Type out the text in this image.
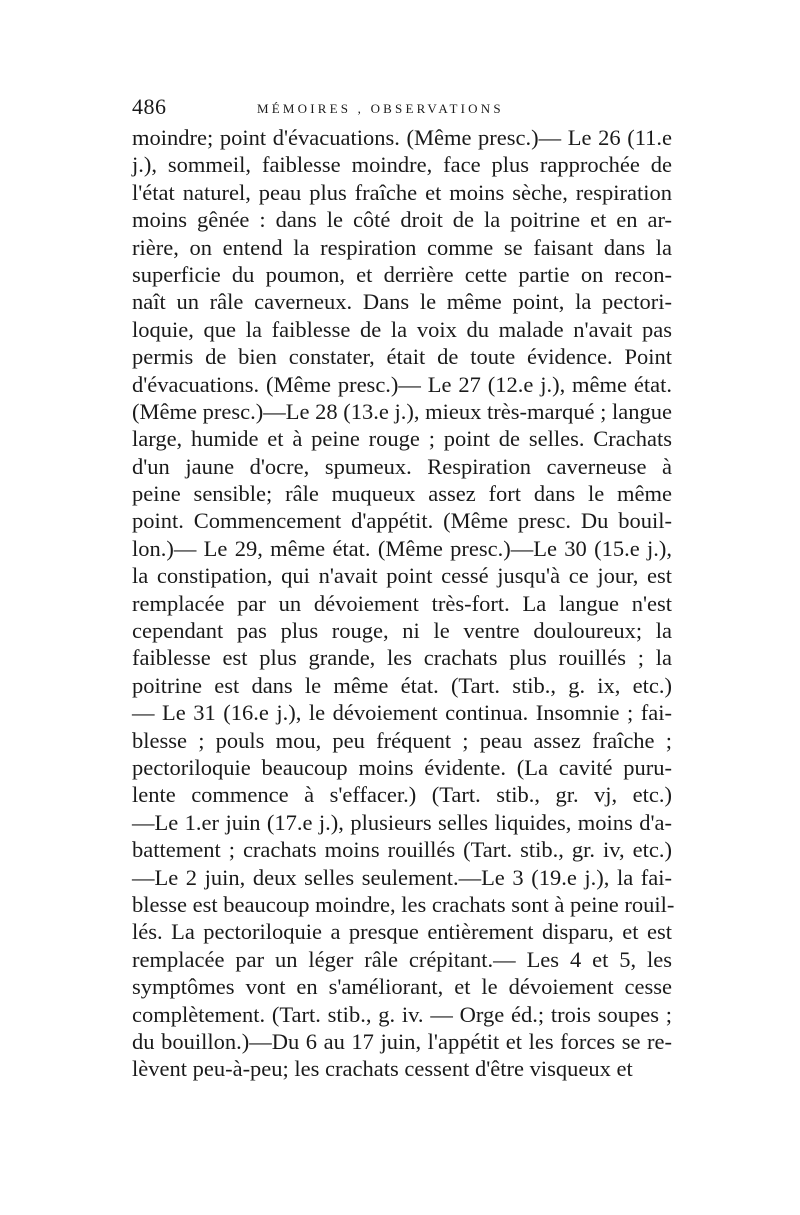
486	MÉMOIRES , OBSERVATIONS
moindre; point d'évacuations. (Même presc.)— Le 26 (11.e
j.), sommeil, faiblesse moindre, face plus rapprochée de
l'état naturel, peau plus fraîche et moins sèche, respiration
moins gênée : dans le côté droit de la poitrine et en ar-
rière, on entend la respiration comme se faisant dans la
superficie du poumon, et derrière cette partie on recon-
naît un râle caverneux. Dans le même point, la pectori-
loquie, que la faiblesse de la voix du malade n'avait pas
permis de bien constater, était de toute évidence. Point
d'évacuations. (Même presc.)— Le 27 (12.e j.), même état.
(Même presc.)—Le 28 (13.e j.), mieux très-marqué ; langue
large, humide et à peine rouge ; point de selles. Crachats
d'un jaune d'ocre, spumeux. Respiration caverneuse à
peine sensible; râle muqueux assez fort dans le même
point. Commencement d'appétit. (Même presc. Du bouil-
lon.)— Le 29, même état. (Même presc.)—Le 30 (15.e j.),
la constipation, qui n'avait point cessé jusqu'à ce jour, est
remplacée par un dévoiement très-fort. La langue n'est
cependant pas plus rouge, ni le ventre douloureux; la
faiblesse est plus grande, les crachats plus rouillés ; la
poitrine est dans le même état. (Tart. stib., g. ix, etc.)
— Le 31 (16.e j.), le dévoiement continua. Insomnie ; fai-
blesse ; pouls mou, peu fréquent ; peau assez fraîche ;
pectoriloquie beaucoup moins évidente. (La cavité puru-
lente commence à s'effacer.) (Tart. stib., gr. vj, etc.)
—Le 1.er juin (17.e j.), plusieurs selles liquides, moins d'a-
battement ; crachats moins rouillés (Tart. stib., gr. iv, etc.)
—Le 2 juin, deux selles seulement.—Le 3 (19.e j.), la fai-
blesse est beaucoup moindre, les crachats sont à peine rouil-
lés. La pectoriloquie a presque entièrement disparu, et est
remplacée par un léger râle crépitant.— Les 4 et 5, les
symptômes vont en s'améliorant, et le dévoiement cesse
complètement. (Tart. stib., g. iv. — Orge éd.; trois soupes ;
du bouillon.)—Du 6 au 17 juin, l'appétit et les forces se re-
lèvent peu-à-peu; les crachats cessent d'être visqueux et
